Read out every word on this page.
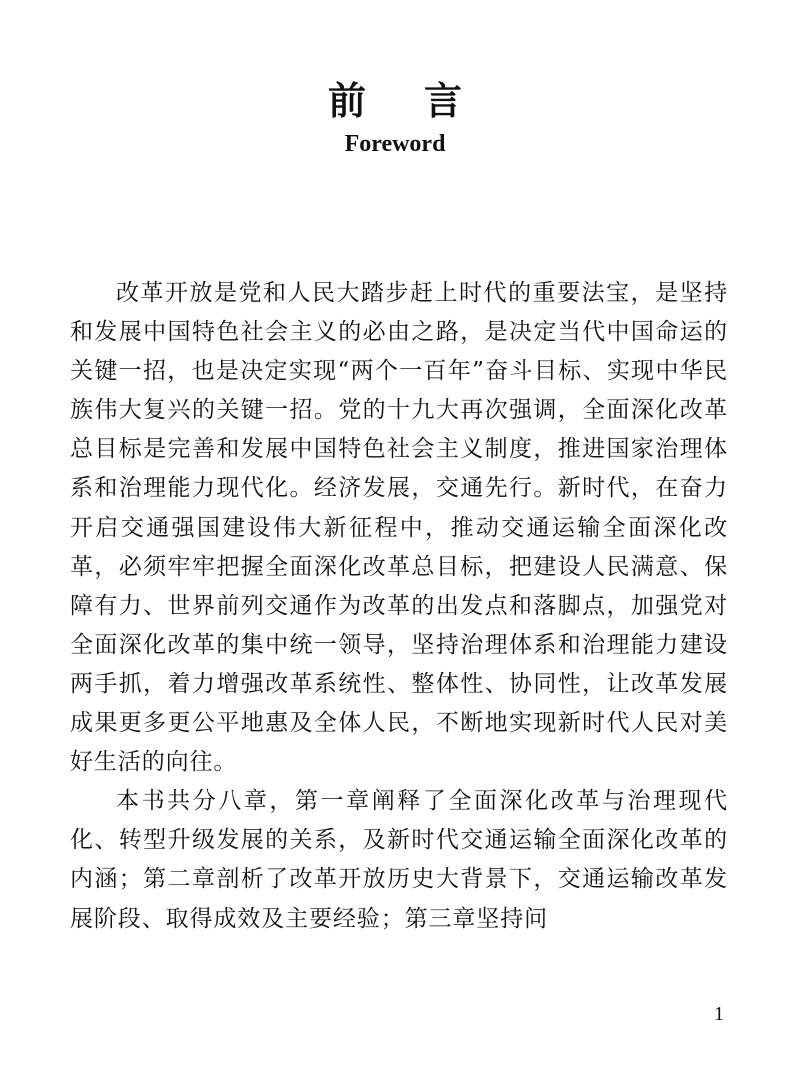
前言
Foreword

改革开放是党和人民大踏步赶上时代的重要法宝，是坚持和发展中国特色社会主义的必由之路，是决定当代中国命运的关键一招，也是决定实现“两个一百年”奋斗目标、实现中华民族伟大复兴的关键一招。党的十九大再次强调，全面深化改革总目标是完善和发展中国特色社会主义制度，推进国家治理体系和治理能力现代化。经济发展，交通先行。新时代，在奋力开启交通强国建设伟大新征程中，推动交通运输全面深化改革，必须牢牢把握全面深化改革总目标，把建设人民满意、保障有力、世界前列交通作为改革的出发点和落脚点，加强党对全面深化改革的集中统一领导，坚持治理体系和治理能力建设两手抓，着力增强改革系统性、整体性、协同性，让改革发展成果更多更公平地惠及全体人民，不断地实现新时代人民对美好生活的向往。

本书共分八章，第一章阐释了全面深化改革与治理现代化、转型升级发展的关系，及新时代交通运输全面深化改革的内涵；第二章剖析了改革开放历史大背景下，交通运输改革发展阶段、取得成效及主要经验；第三章坚持问

1
